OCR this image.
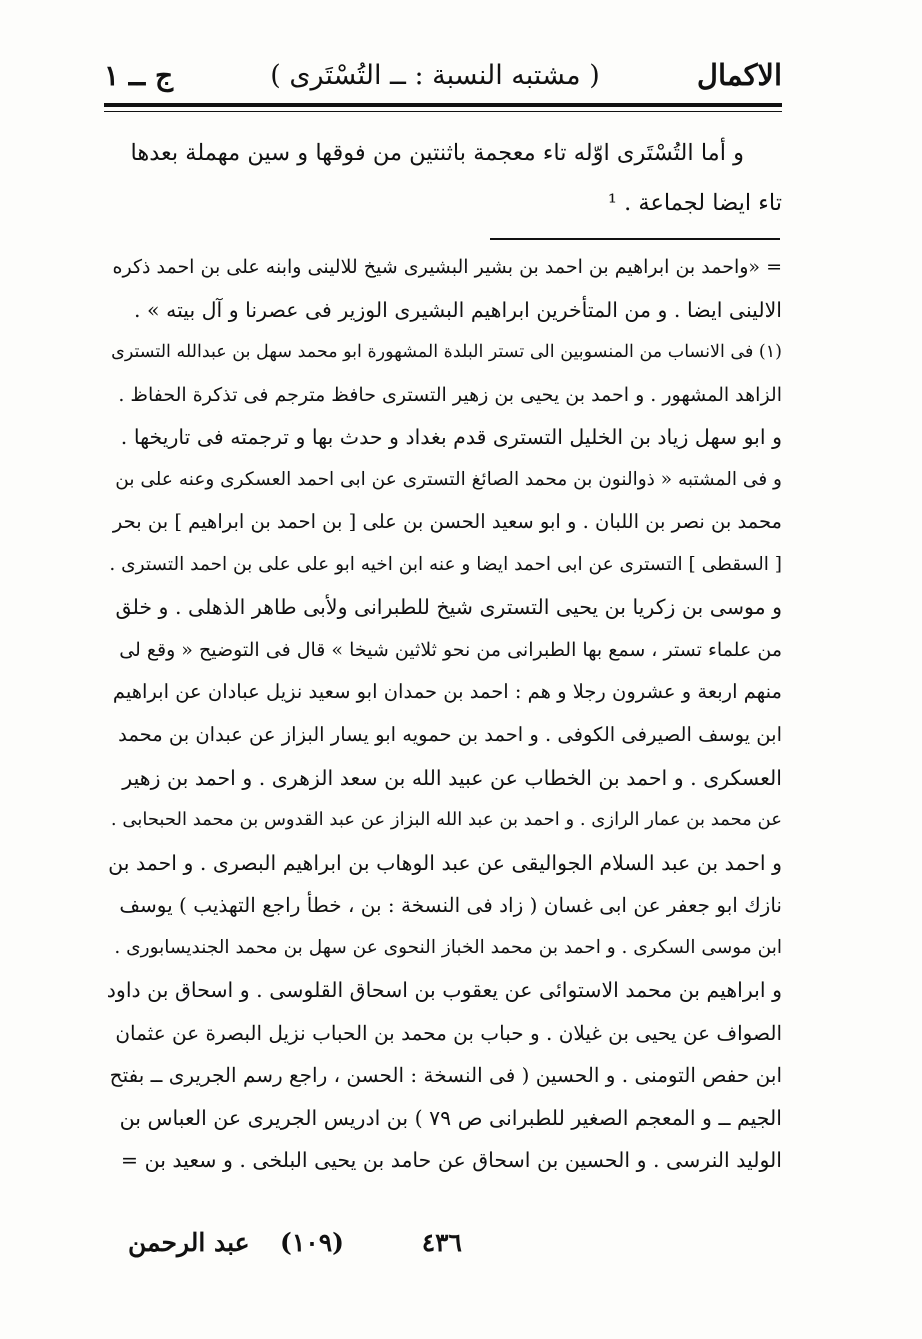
الاكمال
( مشتبه النسبة : ــ التُسْتَرى )
ج ــ ١

و أما التُسْتَرى اوّله تاء معجمة باثنتين من فوقها و سين مهملة بعدها

تاء ايضا لجماعة . ¹

= «واحمد بن ابراهيم بن احمد بن بشير البشيرى شيخ للالينى وابنه على بن احمد ذكره
الالينى ايضا . و من المتأخرين ابراهيم البشيرى الوزير فى عصرنا و آل بيته » .
(١) فى الانساب من المنسوبين الى تستر البلدة المشهورة ابو محمد سهل بن عبدالله التسترى
الزاهد المشهور . و احمد بن يحيى بن زهير التسترى حافظ مترجم فى تذكرة الحفاظ .
و ابو سهل زياد بن الخليل التسترى قدم بغداد و حدث بها و ترجمته فى تاريخها .
و فى المشتبه « ذوالنون بن محمد الصائغ التسترى عن ابى احمد العسكرى وعنه على بن
محمد بن نصر بن اللبان . و ابو سعيد الحسن بن على [ بن احمد بن ابراهيم ] بن بحر
[ السقطى ] التسترى عن ابى احمد ايضا و عنه ابن اخيه ابو على على بن احمد التسترى .
و موسى بن زكريا بن يحيى التسترى شيخ للطبرانى ولأبى طاهر الذهلى . و خلق
من علماء تستر ، سمع بها الطبرانى من نحو ثلاثين شيخا » قال فى التوضيح « وقع لى
منهم اربعة و عشرون رجلا و هم : احمد بن حمدان ابو سعيد نزيل عبادان عن ابراهيم
ابن يوسف الصيرفى الكوفى . و احمد بن حمويه ابو يسار البزاز عن عبدان بن محمد
العسكرى . و احمد بن الخطاب عن عبيد الله بن سعد الزهرى . و احمد بن زهير
عن محمد بن عمار الرازى . و احمد بن عبد الله البزاز عن عبد القدوس بن محمد الحبحابى .
و احمد بن عبد السلام الجواليقى عن عبد الوهاب بن ابراهيم البصرى . و احمد بن
نازك ابو جعفر عن ابى غسان ( زاد فى النسخة : بن ، خطأ راجع التهذيب ) يوسف
ابن موسى السكرى . و احمد بن محمد الخباز النحوى عن سهل بن محمد الجنديسابورى .
و ابراهيم بن محمد الاستوائى عن يعقوب بن اسحاق القلوسى . و اسحاق بن داود
الصواف عن يحيى بن غيلان . و حباب بن محمد بن الحباب نزيل البصرة عن عثمان
ابن حفص التومنى . و الحسين ( فى النسخة : الحسن ، راجع رسم الجريرى ــ بفتح
الجيم ــ و المعجم الصغير للطبرانى ص ٧٩ ) بن ادريس الجريرى عن العباس بن
الوليد النرسى . و الحسين بن اسحاق عن حامد بن يحيى البلخى . و سعيد بن =
٤٣٦
(١٠٩)
عبد الرحمن
